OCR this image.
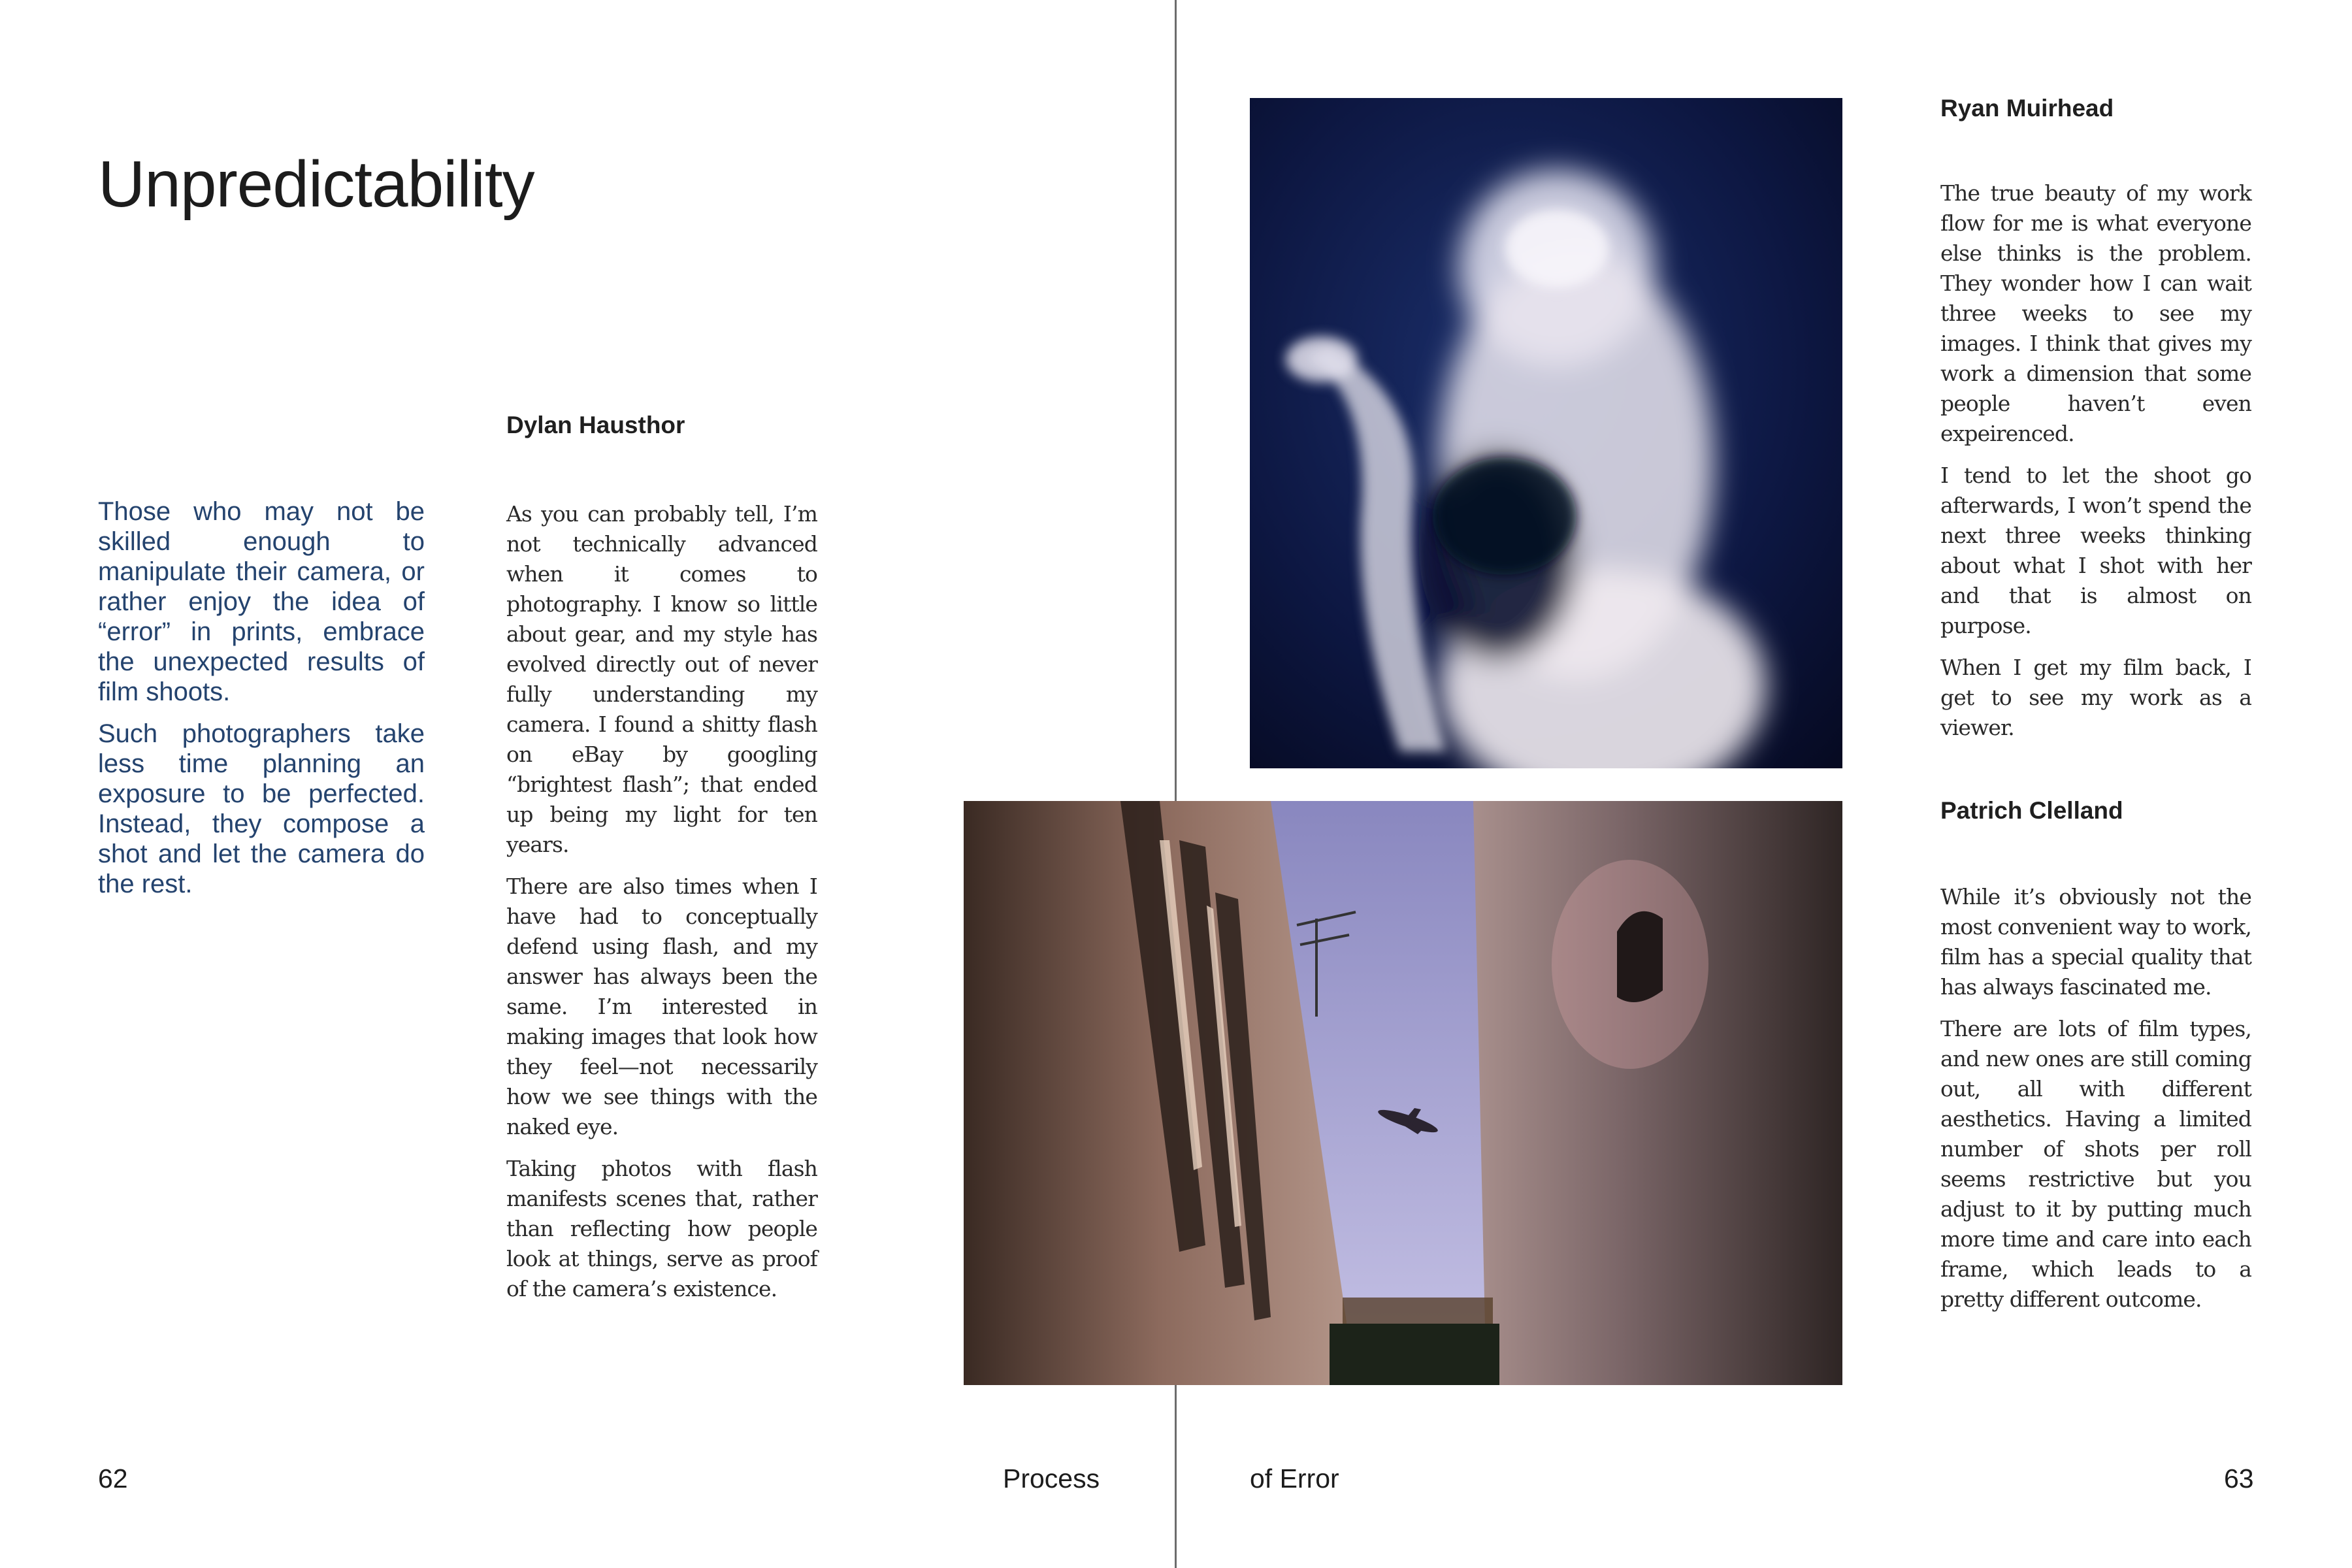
Unpredictability

Those who may not be skilled enough to manipulate their camera, or rather enjoy the idea of “error” in prints, embrace the unexpected results of film shoots.

Such photographers take less time planning an exposure to be perfected. Instead, they compose a shot and let the camera do the rest.

Dylan Hausthor

As you can probably tell, I’m not technically advanced when it comes to photography. I know so little about gear, and my style has evolved directly out of never fully understanding my camera. I found a shitty flash on eBay by googling “brightest flash”; that ended up being my light for ten years.

There are also times when I have had to conceptually defend using flash, and my answer has always been the same. I’m interested in making images that look how they feel—not necessarily how we see things with the naked eye.

Taking photos with flash manifests scenes that, rather than reflecting how people look at things, serve as proof of the camera’s existence.

Ryan Muirhead

The true beauty of my work flow for me is what everyone else thinks is the problem. They wonder how I can wait three weeks to see my images. I think that gives my work a dimension that some people haven’t even expeirenced.

I tend to let the shoot go afterwards, I won’t spend the next three weeks thinking about what I shot with her and that is almost on purpose.

When I get my film back, I get to see my work as a viewer.

Patrich Clelland

While it’s obviously not the most convenient way to work, film has a special quality that has always fascinated me.

There are lots of film types, and new ones are still coming out, all with different aesthetics. Having a limited number of shots per roll seems restrictive but you adjust to it by putting much more time and care into each frame, which leads to a pretty different outcome.

62	Process	of Error	63
